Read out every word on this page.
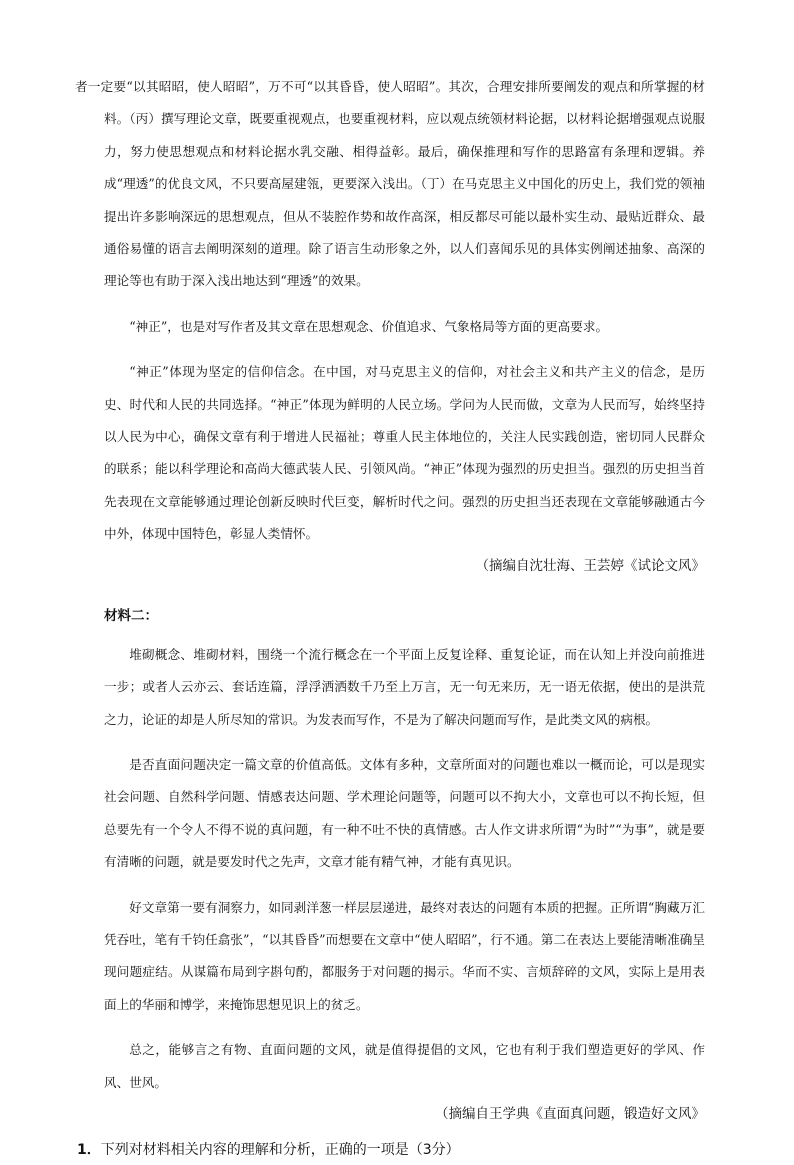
者一定要“以其昭昭，使人昭昭”，万不可“以其昏昏，使人昭昭”。其次，合理安排所要阐发的观点和所掌握的材料。（丙）撰写理论文章，既要重视观点，也要重视材料，应以观点统领材料论据，以材料论据增强观点说服力，努力使思想观点和材料论据水乳交融、相得益彰。最后，确保推理和写作的思路富有条理和逻辑。养成“理透”的优良文风，不只要高屋建瓴，更要深入浅出。（丁）在马克思主义中国化的历史上，我们党的领袖提出许多影响深远的思想观点，但从不装腔作势和故作高深，相反都尽可能以最朴实生动、最贴近群众、最通俗易懂的语言去阐明深刻的道理。除了语言生动形象之外，以人们喜闻乐见的具体实例阐述抽象、高深的理论等也有助于深入浅出地达到“理透”的效果。

“神正”，也是对写作者及其文章在思想观念、价值追求、气象格局等方面的更高要求。

“神正”体现为坚定的信仰信念。在中国，对马克思主义的信仰，对社会主义和共产主义的信念，是历史、时代和人民的共同选择。“神正”体现为鲜明的人民立场。学问为人民而做，文章为人民而写，始终坚持以人民为中心，确保文章有利于增进人民福祉；尊重人民主体地位的，关注人民实践创造，密切同人民群众的联系；能以科学理论和高尚大德武装人民、引领风尚。“神正”体现为强烈的历史担当。强烈的历史担当首先表现在文章能够通过理论创新反映时代巨变，解析时代之问。强烈的历史担当还表现在文章能够融通古今中外，体现中国特色，彰显人类情怀。

（摘编自沈壮海、王芸婷《试论文风》

材料二：

堆砌概念、堆砌材料，围绕一个流行概念在一个平面上反复诠释、重复论证，而在认知上并没向前推进一步；或者人云亦云、套话连篇，浮浮洒洒数千乃至上万言，无一句无来历，无一语无依据，使出的是洪荒之力，论证的却是人所尽知的常识。为发表而写作，不是为了解决问题而写作，是此类文风的病根。

是否直面问题决定一篇文章的价值高低。文体有多种，文章所面对的问题也难以一概而论，可以是现实社会问题、自然科学问题、情感表达问题、学术理论问题等，问题可以不拘大小，文章也可以不拘长短，但总要先有一个令人不得不说的真问题，有一种不吐不快的真情感。古人作文讲求所谓“为时”“为事”，就是要有清晰的问题，就是要发时代之先声，文章才能有精气神，才能有真见识。

好文章第一要有洞察力，如同剥洋葱一样层层递进，最终对表达的问题有本质的把握。正所谓“胸藏万汇凭吞吐，笔有千钧任翕张”，“以其昏昏”而想要在文章中“使人昭昭”，行不通。第二在表达上要能清晰准确呈现问题症结。从谋篇布局到字斟句酌，都服务于对问题的揭示。华而不实、言烦辞碎的文风，实际上是用表面上的华丽和博学，来掩饰思想见识上的贫乏。

总之，能够言之有物、直面问题的文风，就是值得提倡的文风，它也有利于我们塑造更好的学风、作风、世风。

（摘编自王学典《直面真问题，锻造好文风》

1．下列对材料相关内容的理解和分析，正确的一项是（3分）
